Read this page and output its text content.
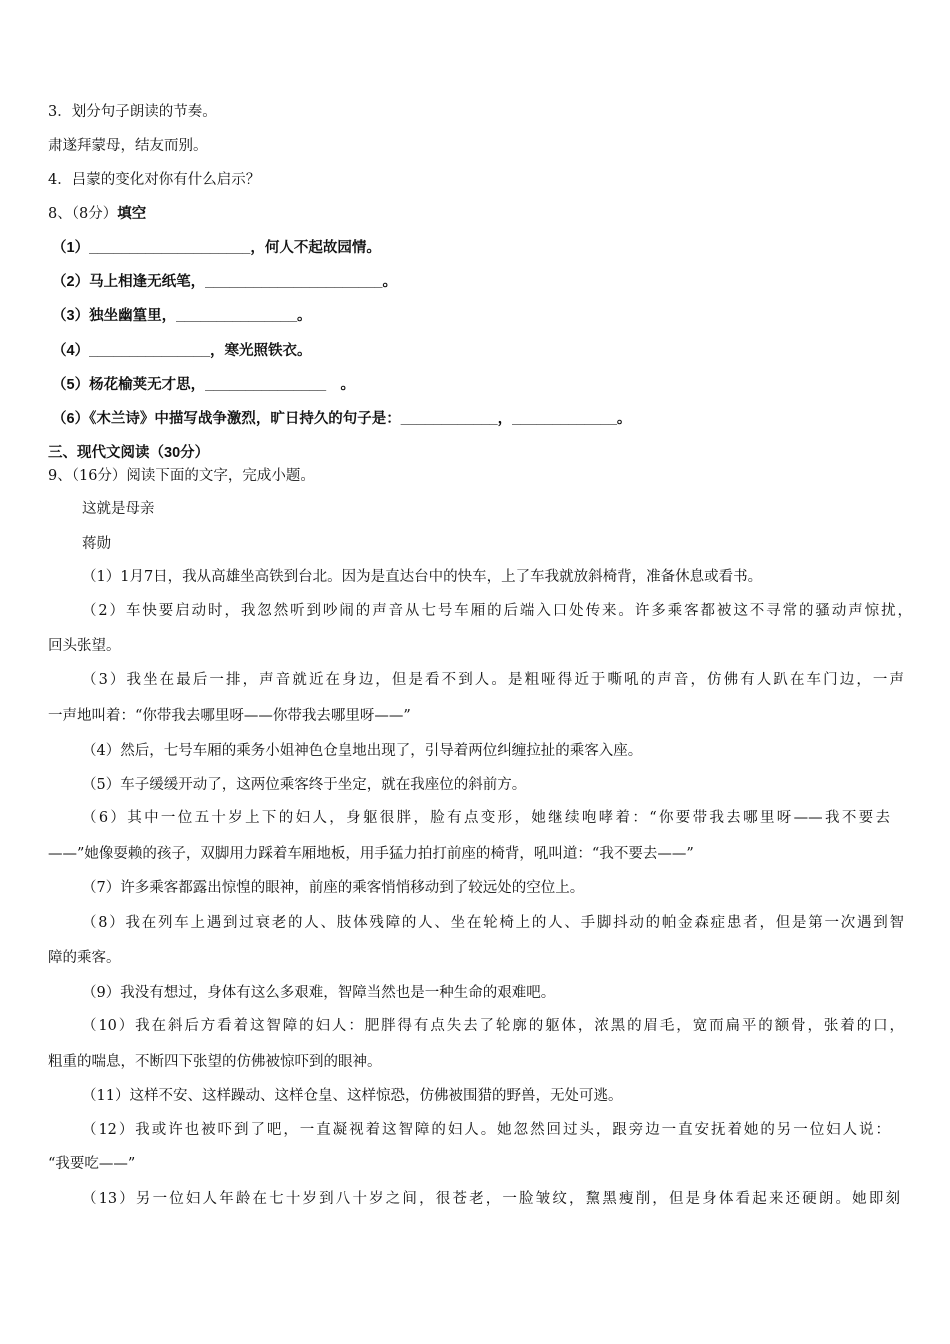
3．划分句子朗读的节奏。

肃遂拜蒙母，结友而别。

4．吕蒙的变化对你有什么启示？

8、（8分）填空

（1）____________________，何人不起故园情。

（2）马上相逢无纸笔，______________________。

（3）独坐幽篁里，_______________。

（4）_______________，寒光照铁衣。

（5）杨花榆荚无才思，_______________　。

（6）《木兰诗》中描写战争激烈，旷日持久的句子是：____________，_____________。

三、现代文阅读（30分）

9、（16分）阅读下面的文字，完成小题。

这就是母亲

蒋勋

（1）1月7日，我从高雄坐高铁到台北。因为是直达台中的快车，上了车我就放斜椅背，准备休息或看书。

（2）车快要启动时，我忽然听到吵闹的声音从七号车厢的后端入口处传来。许多乘客都被这不寻常的骚动声惊扰，

回头张望。

（3）我坐在最后一排，声音就近在身边，但是看不到人。是粗哑得近于嘶吼的声音，仿佛有人趴在车门边，一声

一声地叫着：“你带我去哪里呀——你带我去哪里呀——”

（4）然后，七号车厢的乘务小姐神色仓皇地出现了，引导着两位纠缠拉扯的乘客入座。

（5）车子缓缓开动了，这两位乘客终于坐定，就在我座位的斜前方。

（6）其中一位五十岁上下的妇人，身躯很胖，脸有点变形，她继续咆哮着：“你要带我去哪里呀——我不要去

——”她像耍赖的孩子，双脚用力踩着车厢地板，用手猛力拍打前座的椅背，吼叫道：“我不要去——”

（7）许多乘客都露出惊惶的眼神，前座的乘客悄悄移动到了较远处的空位上。

（8）我在列车上遇到过衰老的人、肢体残障的人、坐在轮椅上的人、手脚抖动的帕金森症患者，但是第一次遇到智

障的乘客。

（9）我没有想过，身体有这么多艰难，智障当然也是一种生命的艰难吧。

（10）我在斜后方看着这智障的妇人：肥胖得有点失去了轮廓的躯体，浓黑的眉毛，宽而扁平的额骨，张着的口，

粗重的喘息，不断四下张望的仿佛被惊吓到的眼神。

（11）这样不安、这样躁动、这样仓皇、这样惊恐，仿佛被围猎的野兽，无处可逃。

（12）我或许也被吓到了吧，一直凝视着这智障的妇人。她忽然回过头，跟旁边一直安抚着她的另一位妇人说：

“我要吃——”

（13）另一位妇人年龄在七十岁到八十岁之间，很苍老，一脸皱纹，黧黑瘦削，但是身体看起来还硬朗。她即刻
